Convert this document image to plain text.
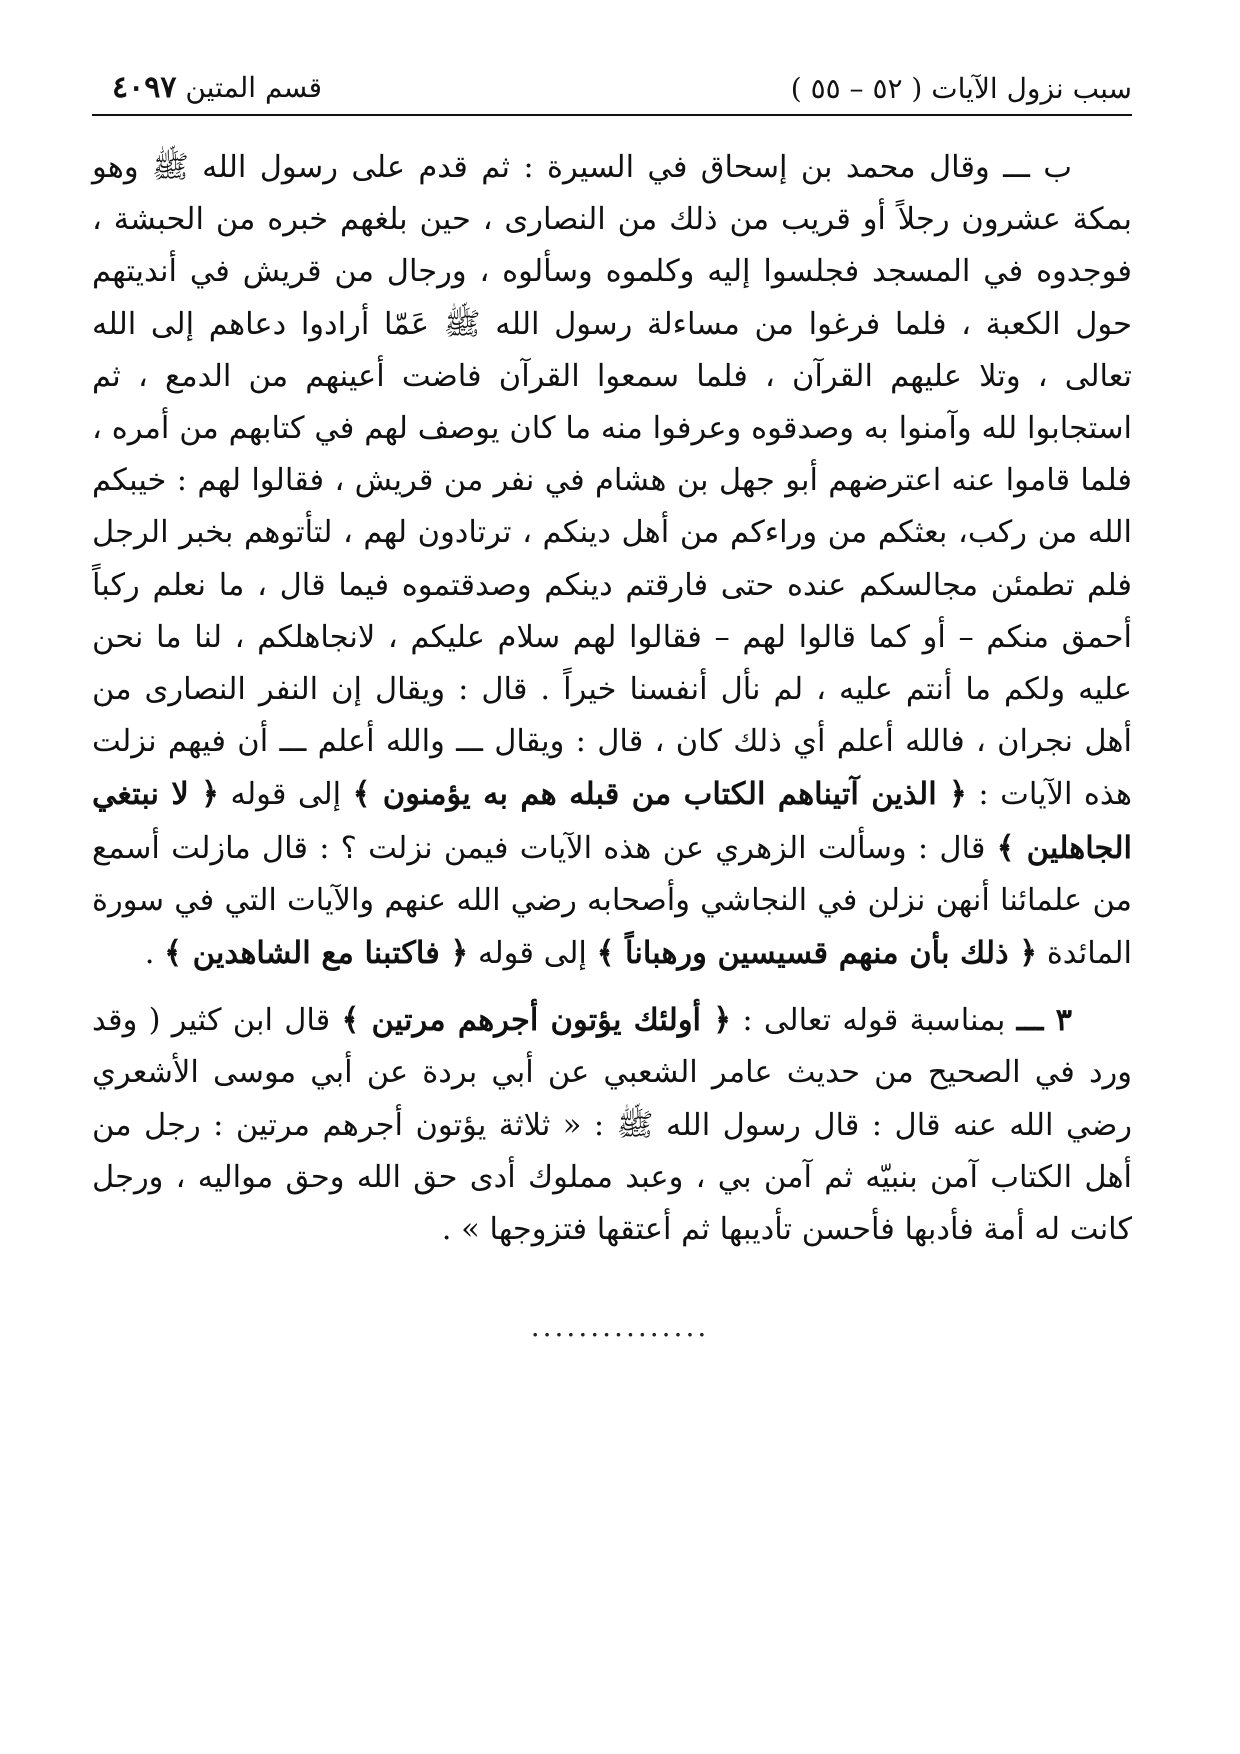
سبب نزول الآيات ( ٥٢ – ٥٥ )
قسم المتين ٤٠٩٧

ب ـــ وقال محمد بن إسحاق في السيرة : ثم قدم على رسول الله ﷺ وهو بمكة عشرون رجلاً أو قريب من ذلك من النصارى ، حين بلغهم خبره من الحبشة ، فوجدوه في المسجد فجلسوا إليه وكلموه وسألوه ، ورجال من قريش في أنديتهم حول الكعبة ، فلما فرغوا من مساءلة رسول الله ﷺ عَمّا أرادوا دعاهم إلى الله تعالى ، وتلا عليهم القرآن ، فلما سمعوا القرآن فاضت أعينهم من الدمع ، ثم استجابوا لله وآمنوا به وصدقوه وعرفوا منه ما كان يوصف لهم في كتابهم من أمره ، فلما قاموا عنه اعترضهم أبو جهل بن هشام في نفر من قريش ، فقالوا لهم : خيبكم الله من ركب، بعثكم من وراءكم من أهل دينكم ، ترتادون لهم ، لتأتوهم بخبر الرجل فلم تطمئن مجالسكم عنده حتى فارقتم دينكم وصدقتموه فيما قال ، ما نعلم ركباً أحمق منكم – أو كما قالوا لهم – فقالوا لهم سلام عليكم ، لانجاهلكم ، لنا ما نحن عليه ولكم ما أنتم عليه ، لم نأل أنفسنا خيراً . قال : ويقال إن النفر النصارى من أهل نجران ، فالله أعلم أي ذلك كان ، قال : ويقال ـــ والله أعلم ـــ أن فيهم نزلت هذه الآيات : ﴿ الذين آتيناهم الكتاب من قبله هم به يؤمنون ﴾ إلى قوله ﴿ لا نبتغي الجاهلين ﴾ قال : وسألت الزهري عن هذه الآيات فيمن نزلت ؟ : قال مازلت أسمع من علمائنا أنهن نزلن في النجاشي وأصحابه رضي الله عنهم والآيات التي في سورة المائدة ﴿ ذلك بأن منهم قسيسين ورهباناً ﴾ إلى قوله ﴿ فاكتبنا مع الشاهدين ﴾ .

٣ ـــ بمناسبة قوله تعالى : ﴿ أولئك يؤتون أجرهم مرتين ﴾ قال ابن كثير ( وقد ورد في الصحيح من حديث عامر الشعبي عن أبي بردة عن أبي موسى الأشعري رضي الله عنه قال : قال رسول الله ﷺ : « ثلاثة يؤتون أجرهم مرتين : رجل من أهل الكتاب آمن بنبيّه ثم آمن بي ، وعبد مملوك أدى حق الله وحق مواليه ، ورجل كانت له أمة فأدبها فأحسن تأديبها ثم أعتقها فتزوجها » .

...............
